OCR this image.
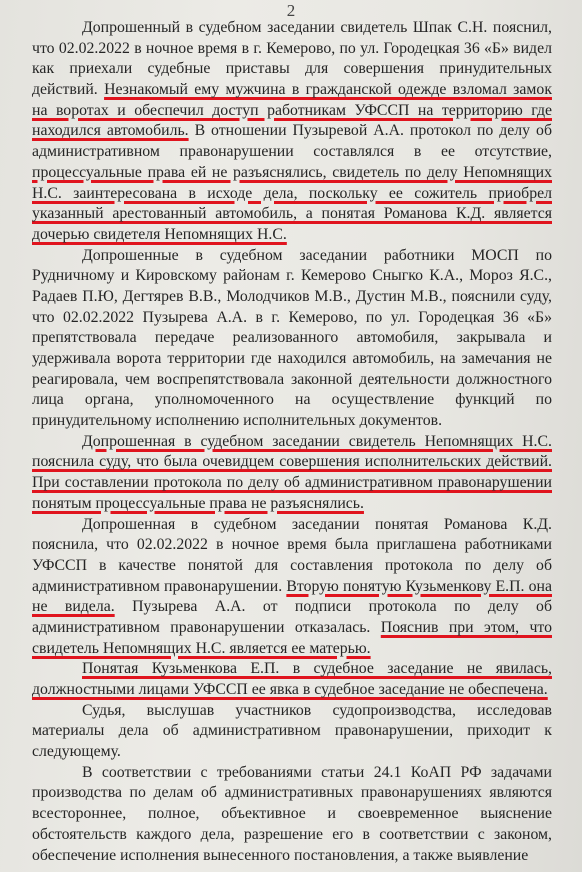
2

Допрошенный в судебном заседании свидетель Шпак С.Н. пояснил, что 02.02.2022 в ночное время в г. Кемерово, по ул. Городецкая 36 «Б» видел как приехали судебные приставы для совершения принудительных действий. Незнакомый ему мужчина в гражданской одежде взломал замок на воротах и обеспечил доступ работникам УФССП на территорию где находился автомобиль. В отношении Пузыревой А.А. протокол по делу об административном правонарушении составлялся в ее отсутствие, процессуальные права ей не разъяснялись, свидетель по делу Непомнящих Н.С. заинтересована в исходе дела, поскольку ее сожитель приобрел указанный арестованный автомобиль, а понятая Романова К.Д. является дочерью свидетеля Непомнящих Н.С.

Допрошенные в судебном заседании работники МОСП по Рудничному и Кировскому районам г. Кемерово Сныгко К.А., Мороз Я.С., Радаев П.Ю, Дегтярев В.В., Молодчиков М.В., Дустин М.В., пояснили суду, что 02.02.2022 Пузырева А.А. в г. Кемерово, по ул. Городецкая 36 «Б» препятствовала передаче реализованного автомобиля, закрывала и удерживала ворота территории где находился автомобиль, на замечания не реагировала, чем воспрепятствовала законной деятельности должностного лица органа, уполномоченного на осуществление функций по принудительному исполнению исполнительных документов.

Допрошенная в судебном заседании свидетель Непомнящих Н.С. пояснила суду, что была очевидцем совершения исполнительских действий. При составлении протокола по делу об административном правонарушении понятым процессуальные права не разъяснялись.

Допрошенная в судебном заседании понятая Романова К.Д. пояснила, что 02.02.2022 в ночное время была приглашена работниками УФССП в качестве понятой для составления протокола по делу об административном правонарушении. Вторую понятую Кузьменкову Е.П. она не видела. Пузырева А.А. от подписи протокола по делу об административном правонарушении отказалась. Пояснив при этом, что свидетель Непомнящих Н.С. является ее матерью.

Понятая Кузьменкова Е.П. в судебное заседание не явилась, должностными лицами УФССП ее явка в судебное заседание не обеспечена.

Судья, выслушав участников судопроизводства, исследовав материалы дела об административном правонарушении, приходит к следующему.

В соответствии с требованиями статьи 24.1 КоАП РФ задачами производства по делам об административных правонарушениях являются всестороннее, полное, объективное и своевременное выяснение обстоятельств каждого дела, разрешение его в соответствии с законом, обеспечение исполнения вынесенного постановления, а также выявление
